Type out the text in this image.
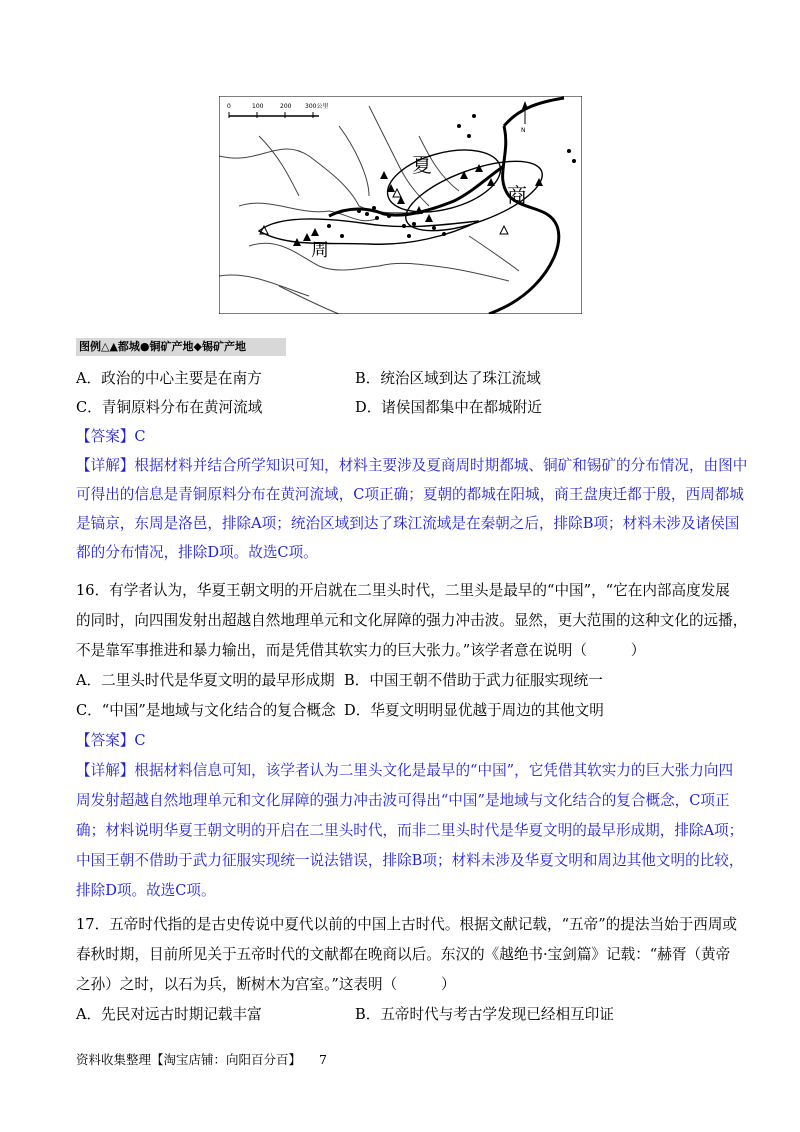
0	100	200 300公里
N
夏
商
周
图例△▲都城●铜矿产地◆锡矿产地
A．政治的中心主要是在南方	B．统治区域到达了珠江流域
C．青铜原料分布在黄河流域	D．诸侯国都集中在都城附近
【答案】C
【详解】根据材料并结合所学知识可知，材料主要涉及夏商周时期都城、铜矿和锡矿的分布情况，由图中
可得出的信息是青铜原料分布在黄河流域，C项正确；夏朝的都城在阳城，商王盘庚迁都于殷，西周都城
是镐京，东周是洛邑，排除A项；统治区域到达了珠江流域是在秦朝之后，排除B项；材料未涉及诸侯国
都的分布情况，排除D项。故选C项。
16．有学者认为，华夏王朝文明的开启就在二里头时代，二里头是最早的“中国”，“它在内部高度发展
的同时，向四围发射出超越自然地理单元和文化屏障的强力冲击波。显然，更大范围的这种文化的远播，
不是靠军事推进和暴力输出，而是凭借其软实力的巨大张力。”该学者意在说明（　　　）
A．二里头时代是华夏文明的最早形成期 B．中国王朝不借助于武力征服实现统一
C．“中国”是地域与文化结合的复合概念 D．华夏文明明显优越于周边的其他文明
【答案】C
【详解】根据材料信息可知，该学者认为二里头文化是最早的“中国”，它凭借其软实力的巨大张力向四
周发射超越自然地理单元和文化屏障的强力冲击波可得出“中国”是地域与文化结合的复合概念，C项正
确；材料说明华夏王朝文明的开启在二里头时代，而非二里头时代是华夏文明的最早形成期，排除A项；
中国王朝不借助于武力征服实现统一说法错误，排除B项；材料未涉及华夏文明和周边其他文明的比较，
排除D项。故选C项。
17．五帝时代指的是古史传说中夏代以前的中国上古时代。根据文献记载，“五帝”的提法当始于西周或
春秋时期，目前所见关于五帝时代的文献都在晚商以后。东汉的《越绝书·宝剑篇》记载：“赫胥（黄帝
之孙）之时，以石为兵，断树木为宫室。”这表明（　　　）
A．先民对远古时期记载丰富	B．五帝时代与考古学发现已经相互印证
资料收集整理【淘宝店铺：向阳百分百】 7
